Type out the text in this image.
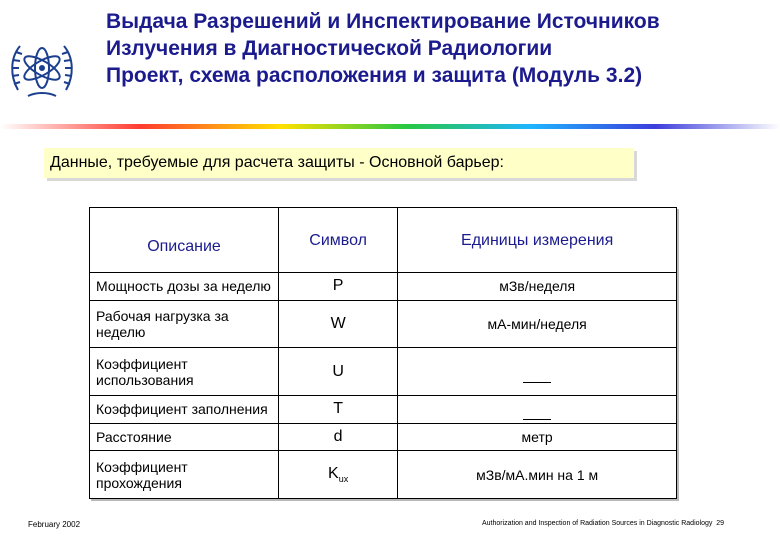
Выдача Разрешений и Инспектирование Источников
Излучения в Диагностической Радиологии
Проект, схема расположения и защита (Модуль 3.2)
Данные, требуемые для расчета защиты - Основной барьер:
Описание	Символ	Единицы измерения
Мощность дозы за неделю	P	мЗв/неделя
Рабочая нагрузка за неделю	W	мА-мин/неделя
Коэффициент использования	U	
Коэффициент заполнения	T	
Расстояние	d	метр
Коэффициент прохождения	$K_{ux}$	мЗв/мА.мин на 1 м
February 2002	Authorization and Inspection of Radiation Sources in Diagnostic Radiology 29
